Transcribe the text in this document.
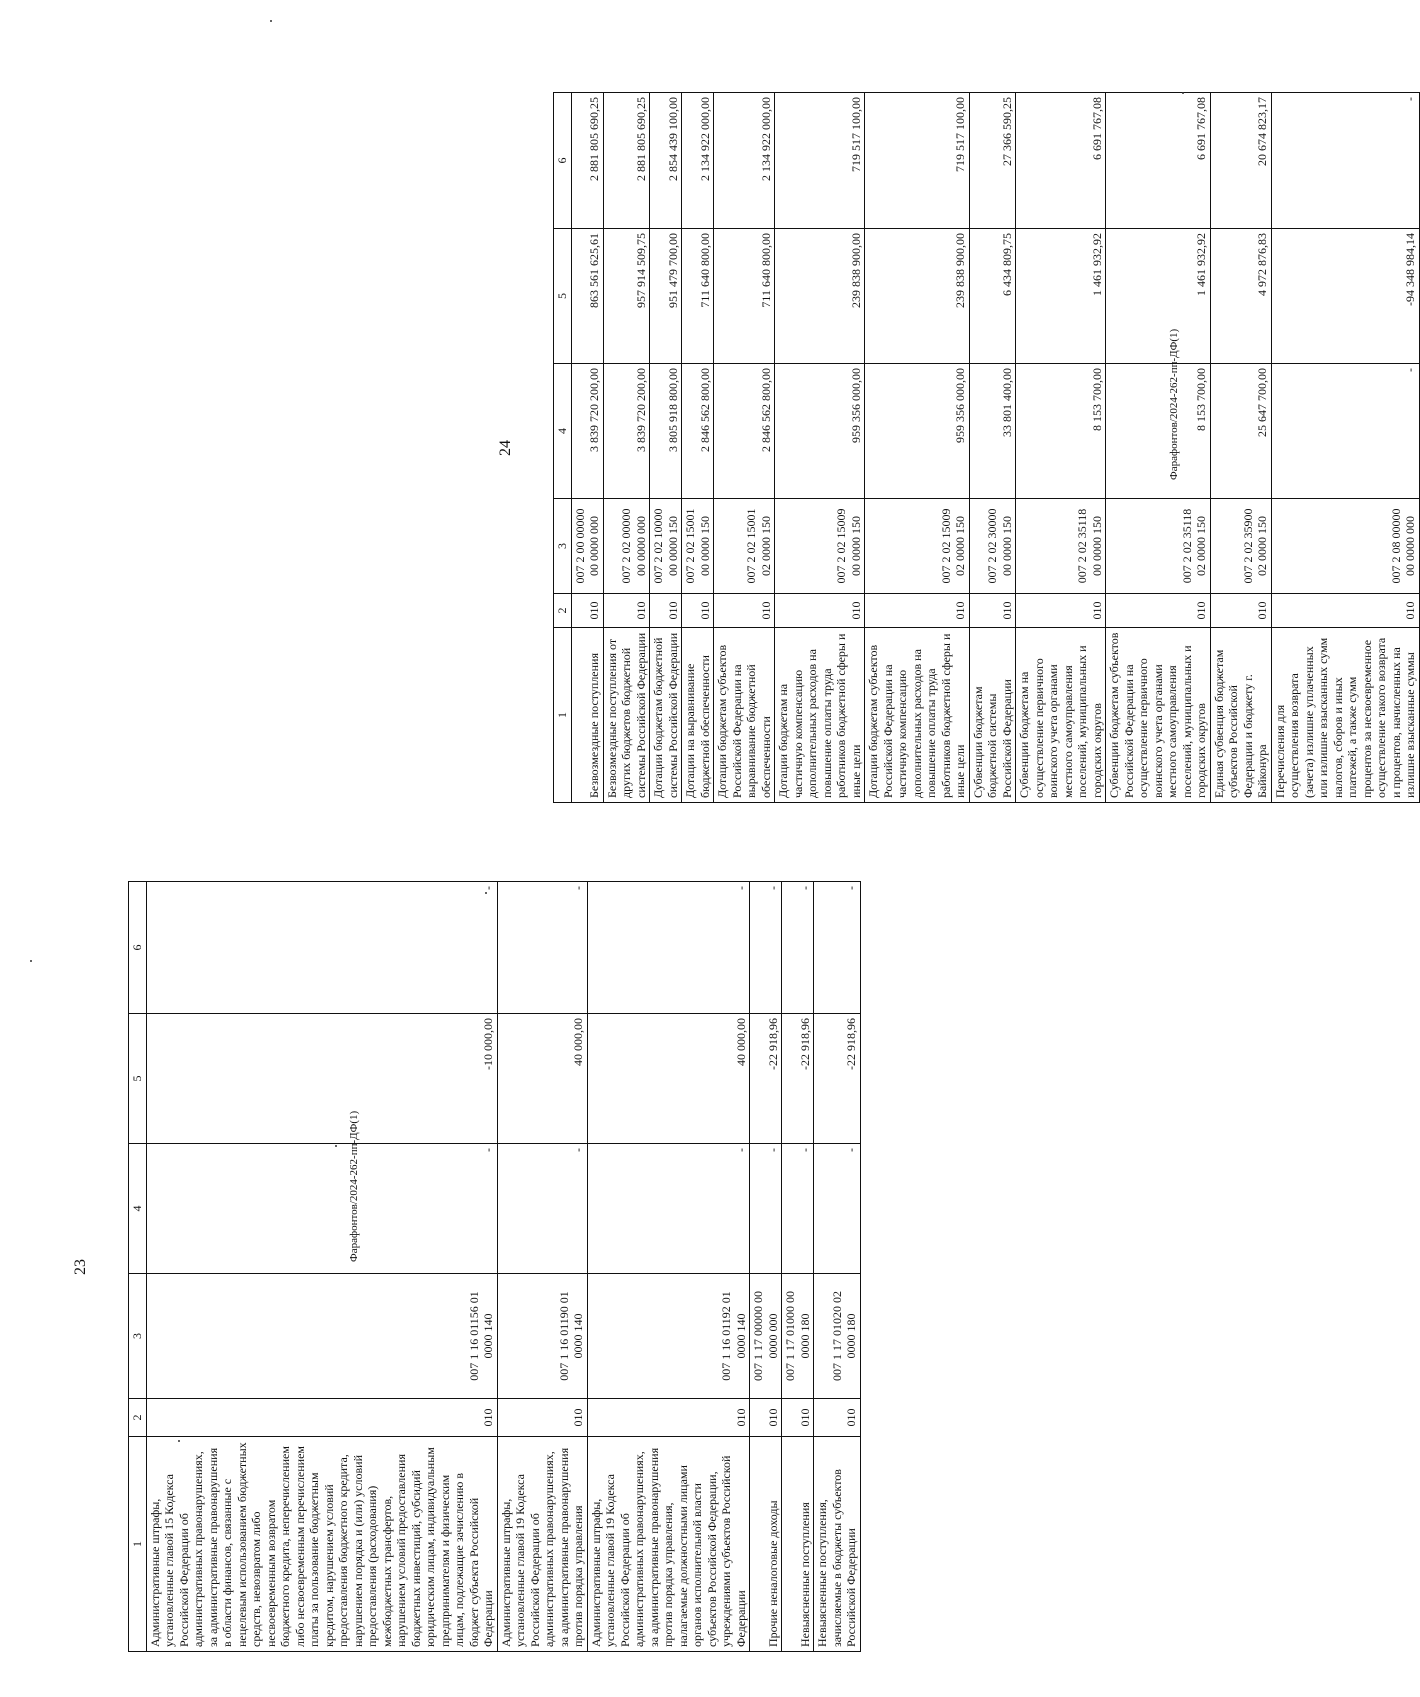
23
1	2	3	4	5	6
Административные штрафы, установленные главой 15 Кодекса Российской Федерации об административных правонарушениях, за административные правонарушения в области финансов, связанные с нецелевым использованием бюджетных средств, невозвратом либо несвоевременным возвратом бюджетного кредита, неперечислением либо несвоевременным перечислением платы за пользование бюджетным кредитом, нарушением условий предоставления бюджетного кредита, нарушением порядка и (или) условий предоставления (расходования) межбюджетных трансфертов, нарушением условий предоставления бюджетных инвестиций, субсидий юридическим лицам, индивидуальным предпринимателям и физическим лицам, подлежащие зачислению в бюджет субъекта Российской Федерации	010	007 1 16 01156 01 0000 140	-	-10 000,00	-
Административные штрафы, установленные главой 19 Кодекса Российской Федерации об административных правонарушениях, за административные правонарушения против порядка управления	010	007 1 16 01190 01 0000 140	-	40 000,00	-
Административные штрафы, установленные главой 19 Кодекса Российской Федерации об административных правонарушениях, за административные правонарушения против порядка управления, налагаемые должностными лицами органов исполнительной власти субъектов Российской Федерации, учреждениями субъектов Российской Федерации	010	007 1 16 01192 01 0000 140	-	40 000,00	-
Прочие неналоговые доходы	010	007 1 17 00000 00 0000 000	-	-22 918,96	-
Невыясненные поступления	010	007 1 17 01000 00 0000 180	-	-22 918,96	-
Невыясненные поступления, зачисляемые в бюджеты субъектов Российской Федерации	010	007 1 17 01020 02 0000 180	-	-22 918,96	-
Фарафонтов/2024-262-пп-ДФ(1)
24
1	2	3	4	5	6
Безвозмездные поступления	010	007 2 00 00000 00 0000 000	3 839 720 200,00	863 561 625,61	2 881 805 690,25
Безвозмездные поступления от других бюджетов бюджетной системы Российской Федерации	010	007 2 02 00000 00 0000 000	3 839 720 200,00	957 914 509,75	2 881 805 690,25
Дотации бюджетам бюджетной системы Российской Федерации	010	007 2 02 10000 00 0000 150	3 805 918 800,00	951 479 700,00	2 854 439 100,00
Дотации на выравнивание бюджетной обеспеченности	010	007 2 02 15001 00 0000 150	2 846 562 800,00	711 640 800,00	2 134 922 000,00
Дотации бюджетам субъектов Российской Федерации на выравнивание бюджетной обеспеченности	010	007 2 02 15001 02 0000 150	2 846 562 800,00	711 640 800,00	2 134 922 000,00
Дотации бюджетам на частичную компенсацию дополнительных расходов на повышение оплаты труда работников бюджетной сферы и иные цели	010	007 2 02 15009 00 0000 150	959 356 000,00	239 838 900,00	719 517 100,00
Дотации бюджетам субъектов Российской Федерации на частичную компенсацию дополнительных расходов на повышение оплаты труда работников бюджетной сферы и иные цели	010	007 2 02 15009 02 0000 150	959 356 000,00	239 838 900,00	719 517 100,00
Субвенции бюджетам бюджетной системы Российской Федерации	010	007 2 02 30000 00 0000 150	33 801 400,00	6 434 809,75	27 366 590,25
Субвенции бюджетам на осуществление первичного воинского учета органами местного самоуправления поселений, муниципальных и городских округов	010	007 2 02 35118 00 0000 150	8 153 700,00	1 461 932,92	6 691 767,08
Субвенции бюджетам субъектов Российской Федерации на осуществление первичного воинского учета органами местного самоуправления поселений, муниципальных и городских округов	010	007 2 02 35118 02 0000 150	8 153 700,00	1 461 932,92	6 691 767,08
Единая субвенция бюджетам субъектов Российской Федерации и бюджету г. Байконура	010	007 2 02 35900 02 0000 150	25 647 700,00	4 972 876,83	20 674 823,17
Перечисления для осуществления возврата (зачета) излишне уплаченных или излишне взысканных сумм налогов, сборов и иных платежей, а также сумм процентов за несвоевременное осуществление такого возврата и процентов, начисленных на излишне взысканные суммы	010	007 2 08 00000 00 0000 000	-	-94 348 984,14	-
Фарафонтов/2024-262-пп-ДФ(1)
